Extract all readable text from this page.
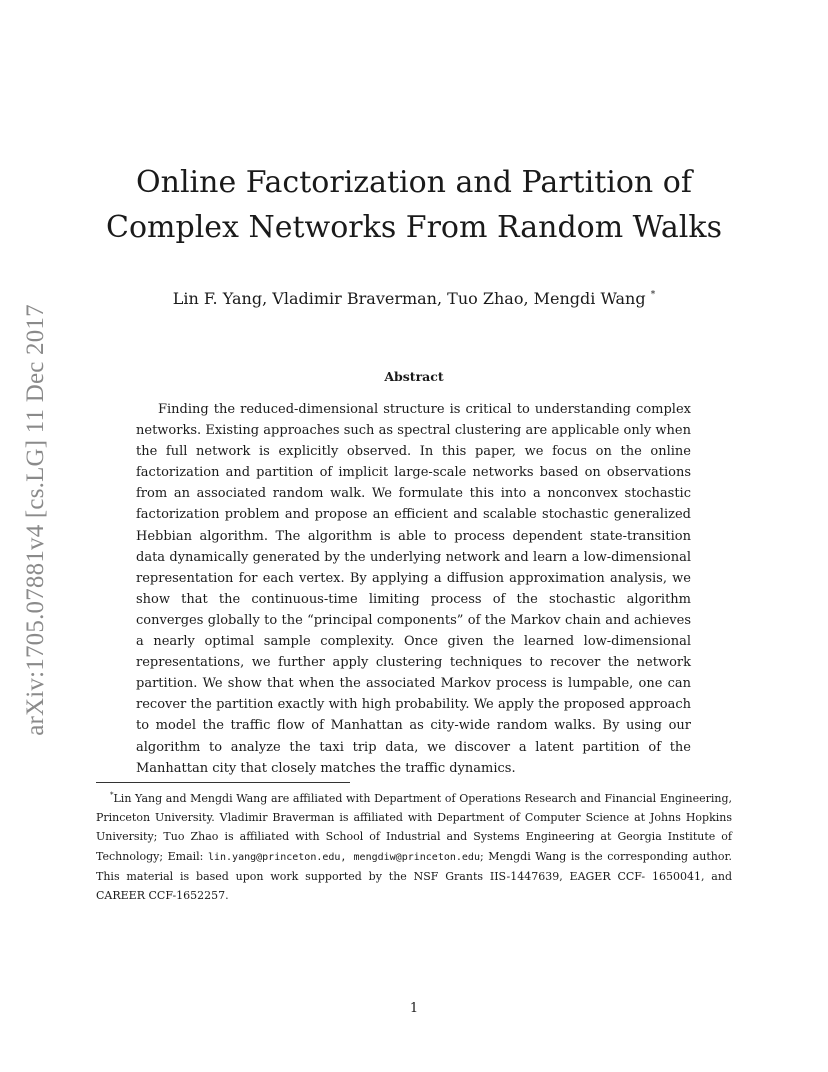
arXiv:1705.07881v4 [cs.LG] 11 Dec 2017
Online Factorization and Partition of
Complex Networks From Random Walks
Lin F. Yang, Vladimir Braverman, Tuo Zhao, Mengdi Wang *
Abstract

Finding the reduced-dimensional structure is critical to understanding complex networks. Existing approaches such as spectral clustering are applicable only when the full network is explicitly observed. In this paper, we focus on the online factorization and partition of implicit large-scale networks based on observations from an associated random walk. We formulate this into a nonconvex stochastic factorization problem and propose an efficient and scalable stochastic generalized Hebbian algorithm. The algorithm is able to process dependent state-transition data dynamically generated by the underlying network and learn a low-dimensional representation for each vertex. By applying a diffusion approximation analysis, we show that the continuous-time limiting process of the stochastic algorithm converges globally to the “principal components” of the Markov chain and achieves a nearly optimal sample complexity. Once given the learned low-dimensional representations, we further apply clustering techniques to recover the network partition. We show that when the associated Markov process is lumpable, one can recover the partition exactly with high probability. We apply the proposed approach to model the traffic flow of Manhattan as city-wide random walks. By using our algorithm to analyze the taxi trip data, we discover a latent partition of the Manhattan city that closely matches the traffic dynamics.

*Lin Yang and Mengdi Wang are affiliated with Department of Operations Research and Financial Engineering, Princeton University. Vladimir Braverman is affiliated with Department of Computer Science at Johns Hopkins University; Tuo Zhao is affiliated with School of Industrial and Systems Engineering at Georgia Institute of Technology; Email: lin.yang@princeton.edu, mengdiw@princeton.edu; Mengdi Wang is the corresponding author. This material is based upon work supported by the NSF Grants IIS-1447639, EAGER CCF- 1650041, and CAREER CCF-1652257.

1
